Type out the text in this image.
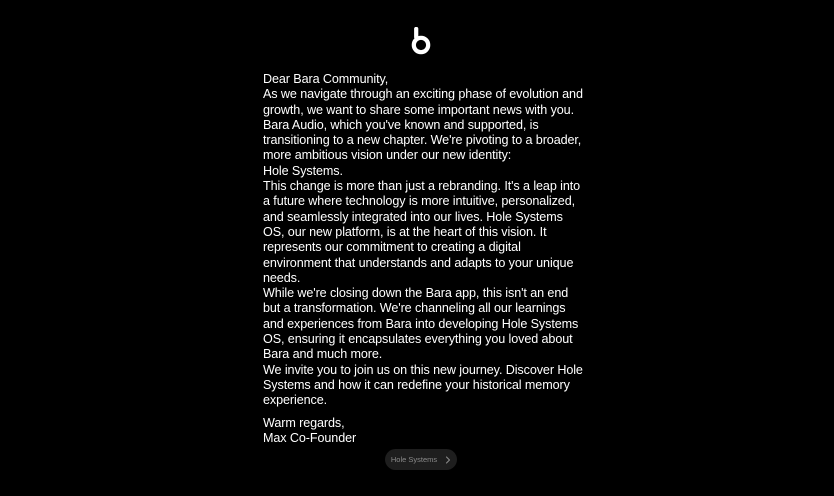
Dear Bara Community,

As we navigate through an exciting phase of evolution and growth, we want to share some important news with you. Bara Audio, which you've known and supported, is transitioning to a new chapter. We're pivoting to a broader, more ambitious vision under our new identity:

Hole Systems.

This change is more than just a rebranding. It's a leap into a future where technology is more intuitive, personalized, and seamlessly integrated into our lives. Hole Systems OS, our new platform, is at the heart of this vision. It represents our commitment to creating a digital environment that understands and adapts to your unique needs.

While we're closing down the Bara app, this isn't an end but a transformation. We're channeling all our learnings and experiences from Bara into developing Hole Systems OS, ensuring it encapsulates everything you loved about Bara and much more.

We invite you to join us on this new journey. Discover Hole Systems and how it can redefine your historical memory experience.

Warm regards,

Max Co-Founder

Hole Systems
